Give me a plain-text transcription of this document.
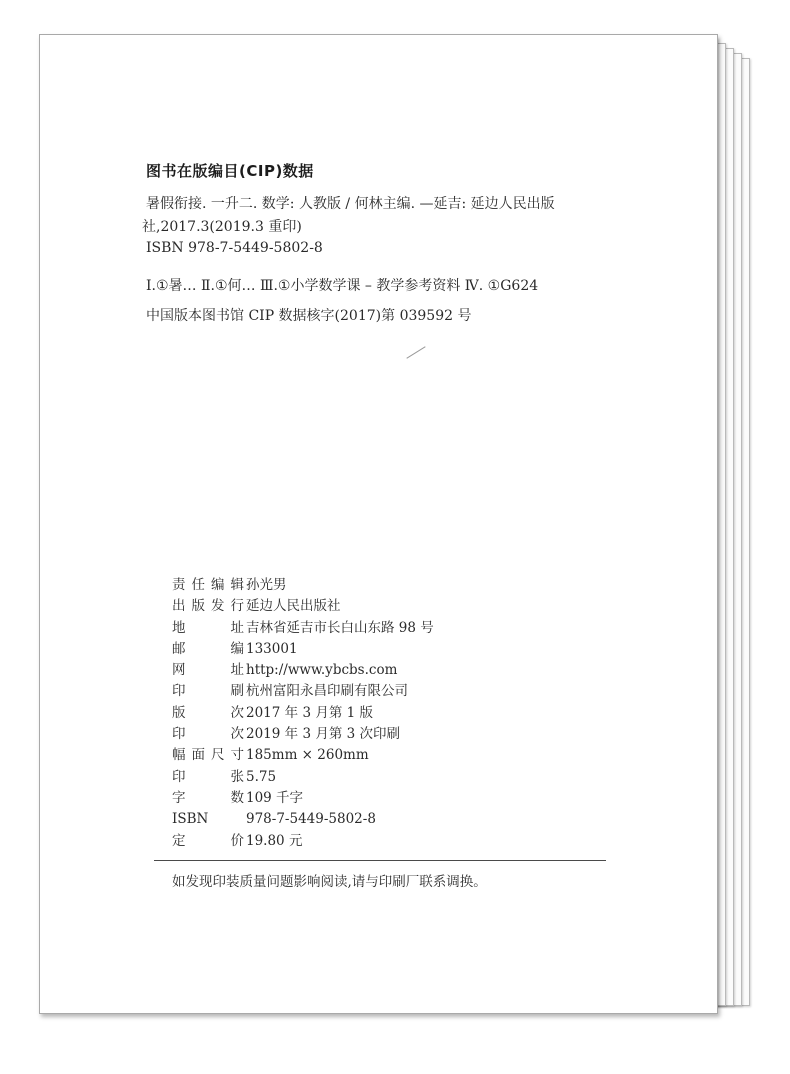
图书在版编目(CIP)数据
暑假衔接. 一升二. 数学: 人教版 / 何林主编. —延吉: 延边人民出版
社,2017.3(2019.3 重印)
ISBN 978-7-5449-5802-8
Ⅰ.①暑… Ⅱ.①何… Ⅲ.①小学数学课 – 教学参考资料 Ⅳ. ①G624
中国版本图书馆 CIP 数据核字(2017)第 039592 号
责任编辑 孙光男
出版发行 延边人民出版社
地址 吉林省延吉市长白山东路 98 号
邮编 133001
网址 http://www.ybcbs.com
印刷 杭州富阳永昌印刷有限公司
版次 2017 年 3 月第 1 版
印次 2019 年 3 月第 3 次印刷
幅面尺寸 185mm × 260mm
印张 5.75
字数 109 千字
ISBN	978-7-5449-5802-8
定价 19.80 元
如发现印装质量问题影响阅读,请与印刷厂联系调换。
